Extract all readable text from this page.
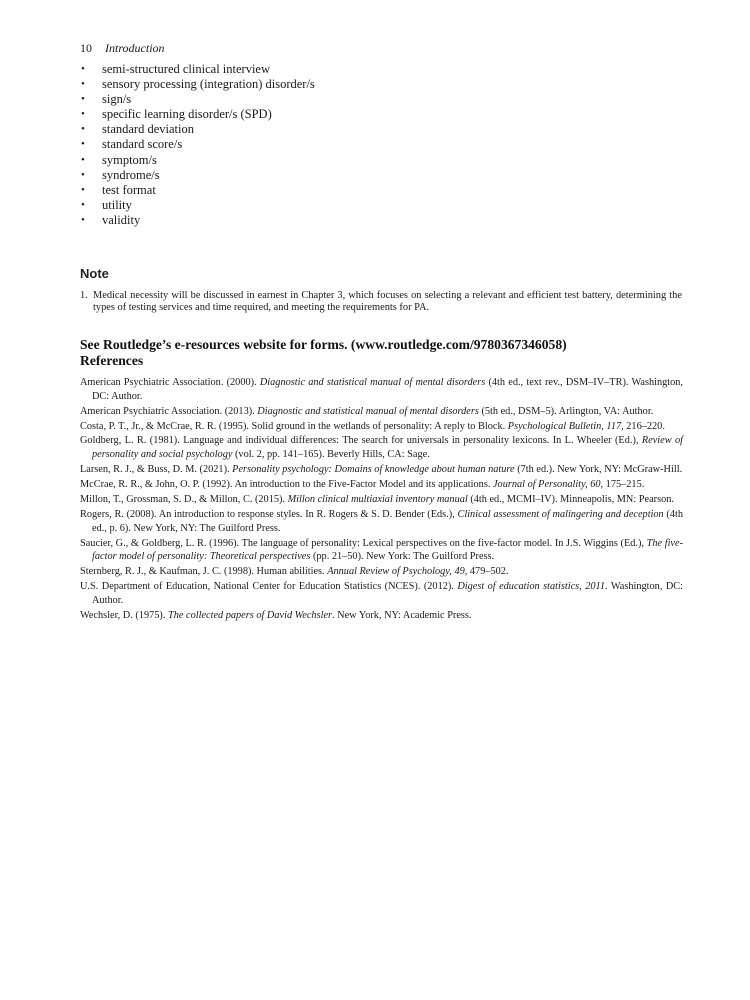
10 Introduction
• semi-structured clinical interview
• sensory processing (integration) disorder/s
• sign/s
• specific learning disorder/s (SPD)
• standard deviation
• standard score/s
• symptom/s
• syndrome/s
• test format
• utility
• validity
Note
1. Medical necessity will be discussed in earnest in Chapter 3, which focuses on selecting a relevant and efficient test battery, determining the types of testing services and time required, and meeting the requirements for PA.
See Routledge’s e-resources website for forms. (www.routledge.com/9780367346058)
References

American Psychiatric Association. (2000). Diagnostic and statistical manual of mental disorders (4th ed., text rev., DSM–IV–TR). Washington, DC: Author.

American Psychiatric Association. (2013). Diagnostic and statistical manual of mental disorders (5th ed., DSM–5). Arlington, VA: Author.

Costa, P. T., Jr., & McCrae, R. R. (1995). Solid ground in the wetlands of personality: A reply to Block. Psychological Bulletin, 117, 216–220.

Goldberg, L. R. (1981). Language and individual differences: The search for universals in personality lexicons. In L. Wheeler (Ed.), Review of personality and social psychology (vol. 2, pp. 141–165). Beverly Hills, CA: Sage.

Larsen, R. J., & Buss, D. M. (2021). Personality psychology: Domains of knowledge about human nature (7th ed.). New York, NY: McGraw-Hill.

McCrae, R. R., & John, O. P. (1992). An introduction to the Five-Factor Model and its applications. Journal of Personality, 60, 175–215.

Millon, T., Grossman, S. D., & Millon, C. (2015). Millon clinical multiaxial inventory manual (4th ed., MCMI–IV). Minneapolis, MN: Pearson.

Rogers, R. (2008). An introduction to response styles. In R. Rogers & S. D. Bender (Eds.), Clinical assessment of malingering and deception (4th ed., p. 6). New York, NY: The Guilford Press.

Saucier, G., & Goldberg, L. R. (1996). The language of personality: Lexical perspectives on the five-factor model. In J.S. Wiggins (Ed.), The five-factor model of personality: Theoretical perspectives (pp. 21–50). New York: The Guilford Press.

Sternberg, R. J., & Kaufman, J. C. (1998). Human abilities. Annual Review of Psychology, 49, 479–502.

U.S. Department of Education, National Center for Education Statistics (NCES). (2012). Digest of education statistics, 2011. Washington, DC: Author.

Wechsler, D. (1975). The collected papers of David Wechsler. New York, NY: Academic Press.
